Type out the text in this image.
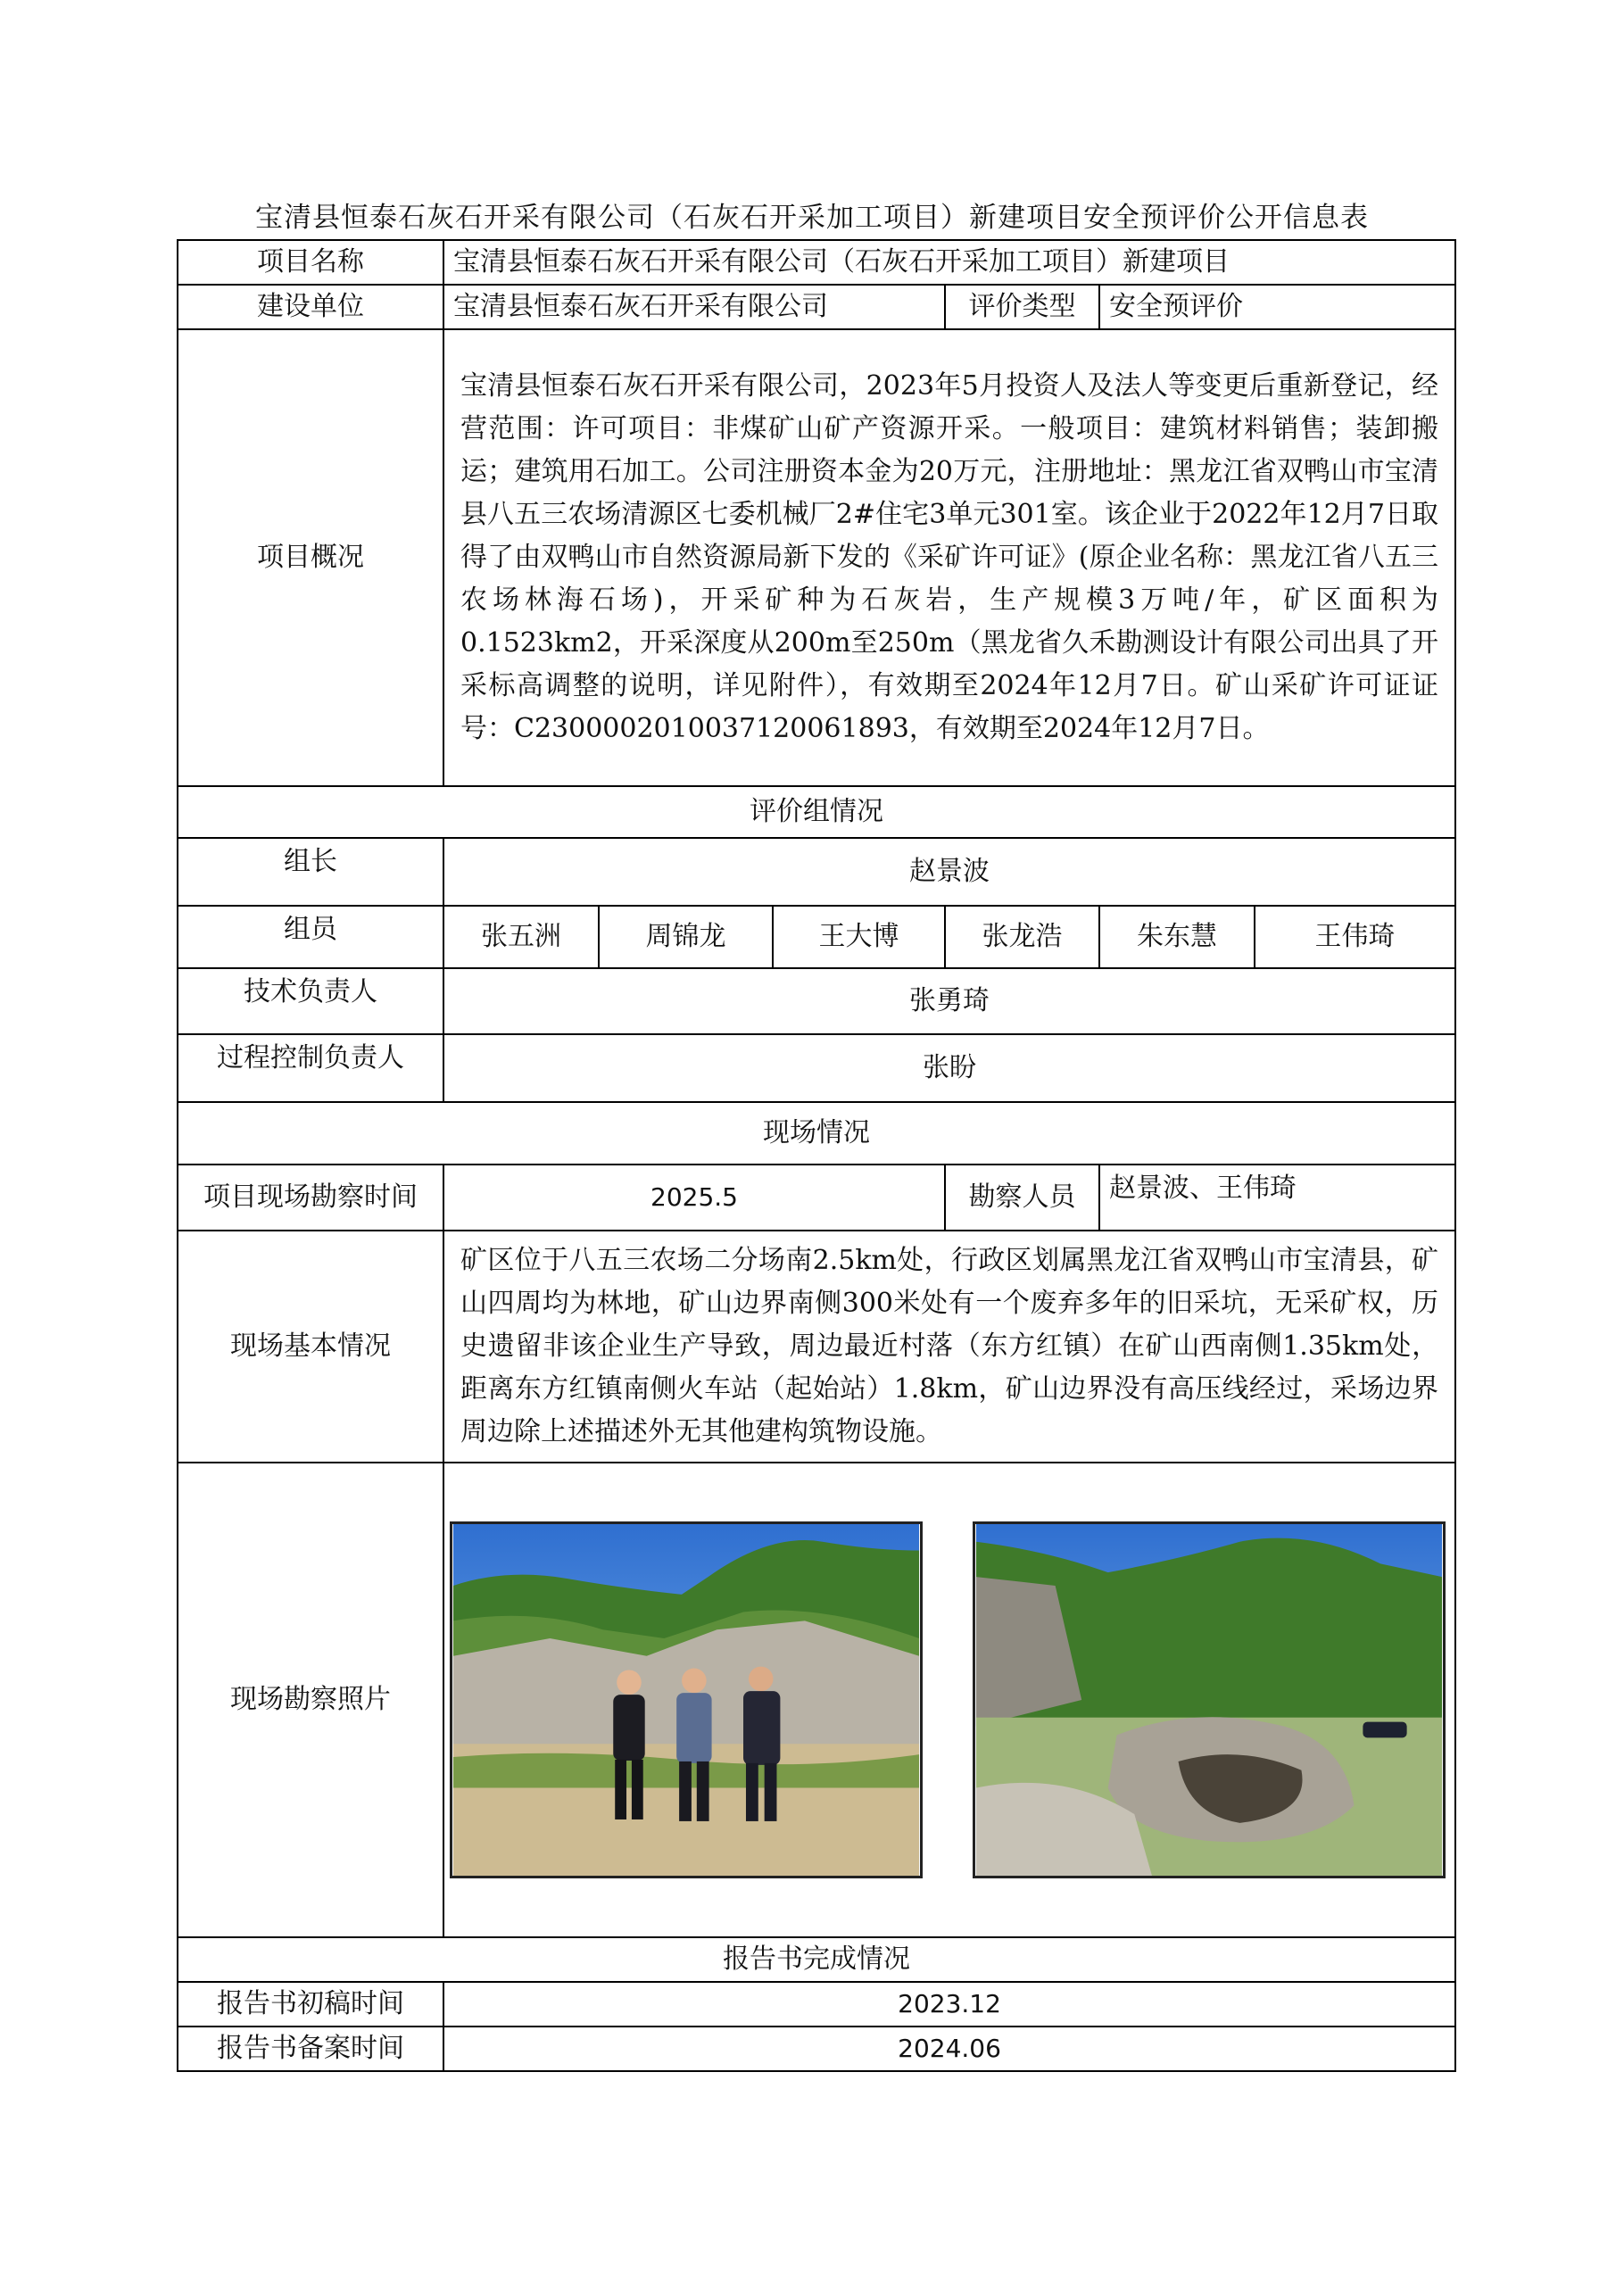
宝清县恒泰石灰石开采有限公司（石灰石开采加工项目）新建项目安全预评价公开信息表
项目名称	宝清县恒泰石灰石开采有限公司（石灰石开采加工项目）新建项目					
建设单位	宝清县恒泰石灰石开采有限公司			评价类型	安全预评价	
项目概况	宝清县恒泰石灰石开采有限公司，2023年5月投资人及法人等变更后重新登记，经营范围：许可项目：非煤矿山矿产资源开采。一般项目：建筑材料销售；装卸搬运；建筑用石加工。公司注册资本金为20万元，注册地址：黑龙江省双鸭山市宝清县八五三农场清源区七委机械厂2#住宅3单元301室。该企业于2022年12月7日取得了由双鸭山市自然资源局新下发的《采矿许可证》(原企业名称：黑龙江省八五三农场林海石场)，开采矿种为石灰岩，生产规模3万吨/年，矿区面积为0.1523km2，开采深度从200m至250m（黑龙省久禾勘测设计有限公司出具了开采标高调整的说明，详见附件），有效期至2024年12月7日。矿山采矿许可证证号：C2300002010037120061893，有效期至2024年12月7日。					
评价组情况						
组长	赵景波					
组员	张五洲	周锦龙	王大博	张龙浩	朱东慧	王伟琦
技术负责人	张勇琦					
过程控制负责人	张盼					
现场情况						
项目现场勘察时间	2025.5			勘察人员	赵景波、王伟琦	
现场基本情况	矿区位于八五三农场二分场南2.5km处，行政区划属黑龙江省双鸭山市宝清县，矿山四周均为林地，矿山边界南侧300米处有一个废弃多年的旧采坑，无采矿权，历史遗留非该企业生产导致，周边最近村落（东方红镇）在矿山西南侧1.35km处，距离东方红镇南侧火车站（起始站）1.8km，矿山边界没有高压线经过，采场边界周边除上述描述外无其他建构筑物设施。					
现场勘察照片	

报告书完成情况						
报告书初稿时间	2023.12					
报告书备案时间	2024.06					
